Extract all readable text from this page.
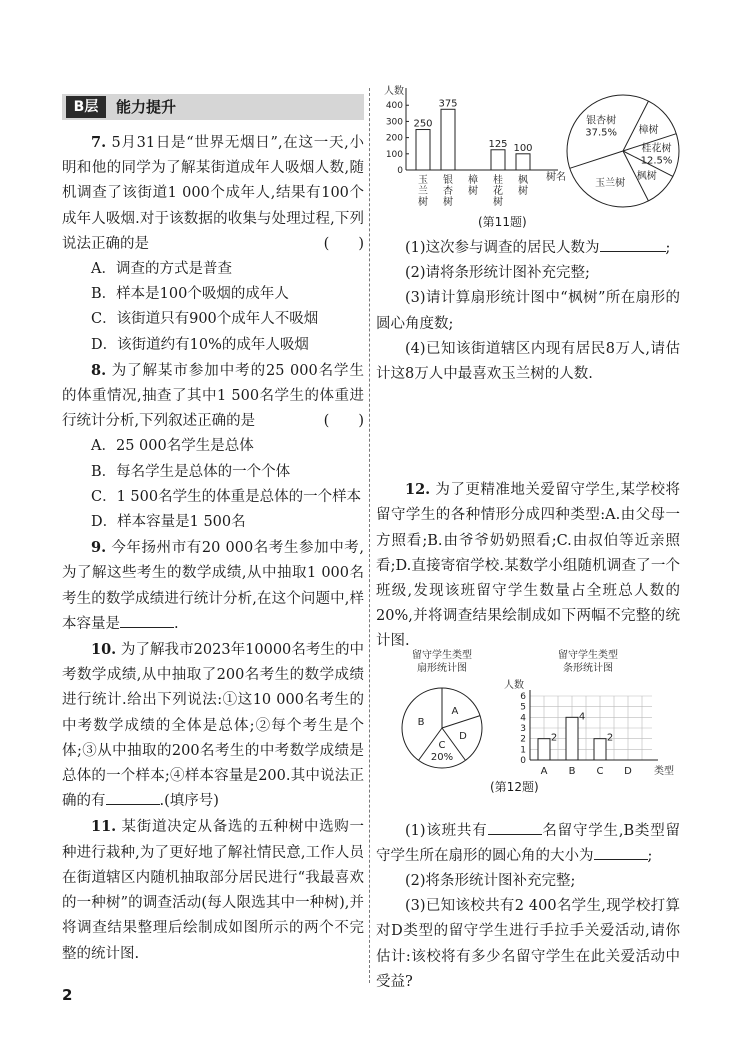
B层	能力提升

7. 5月31日是“世界无烟日”,在这一天,小明和他的同学为了解某街道成年人吸烟人数,随机调查了该街道1 000个成年人,结果有100个成年人吸烟.对于该数据的收集与处理过程,下列说法正确的是	(　　)

A．调查的方式是普查

B．样本是100个吸烟的成年人

C．该街道只有900个成年人不吸烟

D．该街道约有10%的成年人吸烟

8. 为了解某市参加中考的25 000名学生的体重情况,抽查了其中1 500名学生的体重进行统计分析,下列叙述正确的是	(　　)

A．25 000名学生是总体

B．每名学生是总体的一个个体

C．1 500名学生的体重是总体的一个样本

D．样本容量是1 500名

9. 今年扬州市有20 000名考生参加中考,为了解这些考生的数学成绩,从中抽取1 000名考生的数学成绩进行统计分析,在这个问题中,样本容量是	.

10. 为了解我市2023年10000名考生的中考数学成绩,从中抽取了200名考生的数学成绩进行统计.给出下列说法:①这10 000名考生的中考数学成绩的全体是总体;②每个考生是个体;③从中抽取的200名考生的中考数学成绩是总体的一个样本;④样本容量是200.其中说法正确的有	.(填序号)

11. 某街道决定从备选的五种树中选购一种进行栽种,为了更好地了解社情民意,工作人员在街道辖区内随机抽取部分居民进行“我最喜欢的一种树”的调查活动(每人限选其中一种树),并将调查结果整理后绘制成如图所示的两个不完整的统计图.

人数
树名
0
100
200
300
400
250
玉
兰
树
375
银
杏
树
樟
树
125
桂
花
树
100
枫
树
银杏树
37.5% 樟树
桂花树
12.5%
枫树
玉兰树
(第11题)

(1)这次参与调查的居民人数为	;

(2)请将条形统计图补充完整;

(3)请计算扇形统计图中“枫树”所在扇形的圆心角度数;

(4)已知该街道辖区内现有居民8万人,请估计这8万人中最喜欢玉兰树的人数.

12. 为了更精准地关爱留守学生,某学校将留守学生的各种情形分成四种类型:A.由父母一方照看;B.由爷爷奶奶照看;C.由叔伯等近亲照看;D.直接寄宿学校.某数学小组随机调查了一个班级,发现该班留守学生数量占全班总人数的20%,并将调查结果绘制成如下两幅不完整的统计图.

(1)该班共有	名留守学生,B类型留守学生所在扇形的圆心角的大小为	;

(2)将条形统计图补充完整;

(3)已知该校共有2 400名学生,现学校打算对D类型的留守学生进行手拉手关爱活动,请你估计:该校将有多少名留守学生在此关爱活动中受益?

留守学生类型
扇形统计图
A
D
C
20%
B
留守学生类型
条形统计图
人数
0
1
2
3
4
5
6
类型
2
A
4
B
2
C D
(第12题)
2
